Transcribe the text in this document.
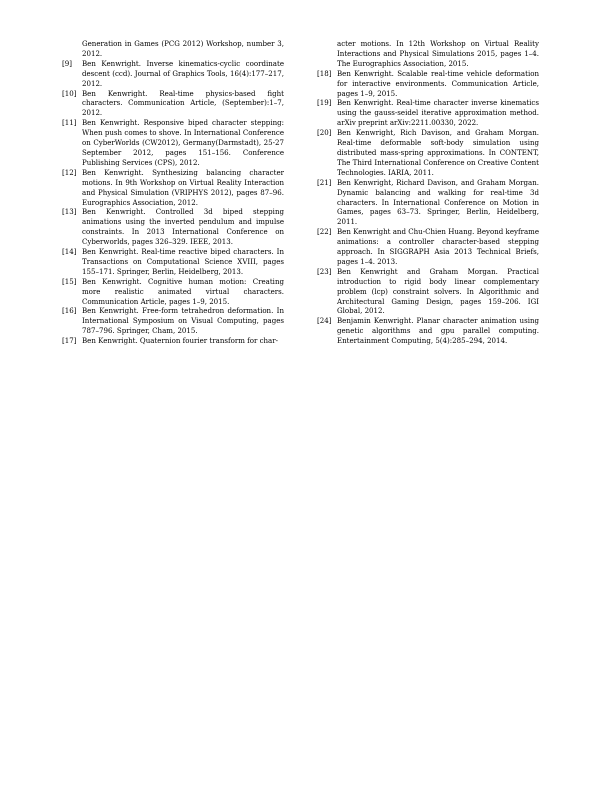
Generation in Games (PCG 2012) Workshop, number 3, 2012.
[9] Ben Kenwright. Inverse kinematics-cyclic coordinate descent (ccd). Journal of Graphics Tools, 16(4):177–217, 2012.
[10] Ben Kenwright. Real-time physics-based fight characters. Communication Article, (September):1–7, 2012.
[11] Ben Kenwright. Responsive biped character stepping: When push comes to shove. In International Conference on CyberWorlds (CW2012), Germany(Darmstadt), 25-27 September 2012, pages 151–156. Conference Publishing Services (CPS), 2012.
[12] Ben Kenwright. Synthesizing balancing character motions. In 9th Workshop on Virtual Reality Interaction and Physical Simulation (VRIPHYS 2012), pages 87–96. Eurographics Association, 2012.
[13] Ben Kenwright. Controlled 3d biped stepping animations using the inverted pendulum and impulse constraints. In 2013 International Conference on Cyberworlds, pages 326–329. IEEE, 2013.
[14] Ben Kenwright. Real-time reactive biped characters. In Transactions on Computational Science XVIII, pages 155–171. Springer, Berlin, Heidelberg, 2013.
[15] Ben Kenwright. Cognitive human motion: Creating more realistic animated virtual characters. Communication Article, pages 1–9, 2015.
[16] Ben Kenwright. Free-form tetrahedron deformation. In International Symposium on Visual Computing, pages 787–796. Springer, Cham, 2015.
[17] Ben Kenwright. Quaternion fourier transform for char-
acter motions. In 12th Workshop on Virtual Reality Interactions and Physical Simulations 2015, pages 1–4. The Eurographics Association, 2015.
[18] Ben Kenwright. Scalable real-time vehicle deformation for interactive environments. Communication Article, pages 1–9, 2015.
[19] Ben Kenwright. Real-time character inverse kinematics using the gauss-seidel iterative approximation method. arXiv preprint arXiv:2211.00330, 2022.
[20] Ben Kenwright, Rich Davison, and Graham Morgan. Real-time deformable soft-body simulation using distributed mass-spring approximations. In CONTENT, The Third International Conference on Creative Content Technologies. IARIA, 2011.
[21] Ben Kenwright, Richard Davison, and Graham Morgan. Dynamic balancing and walking for real-time 3d characters. In International Conference on Motion in Games, pages 63–73. Springer, Berlin, Heidelberg, 2011.
[22] Ben Kenwright and Chu-Chien Huang. Beyond keyframe animations: a controller character-based stepping approach. In SIGGRAPH Asia 2013 Technical Briefs, pages 1–4. 2013.
[23] Ben Kenwright and Graham Morgan. Practical introduction to rigid body linear complementary problem (lcp) constraint solvers. In Algorithmic and Architectural Gaming Design, pages 159–206. IGI Global, 2012.
[24] Benjamin Kenwright. Planar character animation using genetic algorithms and gpu parallel computing. Entertainment Computing, 5(4):285–294, 2014.
